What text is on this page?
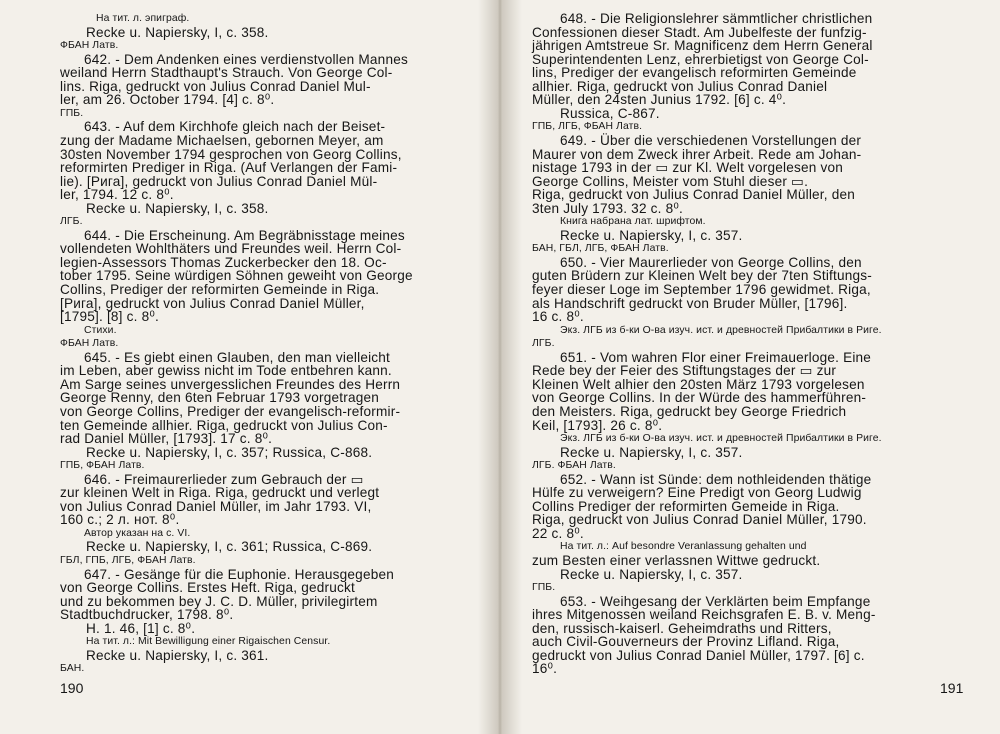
На тит. л. эпиграф.
Recke u. Napiersky, I, c. 358.
ФБАН Латв.
642. - Dem Andenken eines verdienstvollen Mannes
weiland Herrn Stadthaupt's Strauch. Von George Col-
lins. Riga, gedruckt von Julius Conrad Daniel Mul-
ler, am 26. October 1794. [4] c. 8⁰.
ГПБ.
643. - Auf dem Kirchhofe gleich nach der Beiset-
zung der Madame Michaelsen, gebornen Meyer, am
30sten November 1794 gesprochen von Georg Collins,
reformirten Prediger in Riga. (Auf Verlangen der Fami-
lie). [Рига], gedruckt von Julius Conrad Daniel Mül-
ler, 1794. 12 c. 8⁰.
Recke u. Napiersky, I, c. 358.
ЛГБ.
644. - Die Erscheinung. Am Begräbnisstage meines
vollendeten Wohlthäters und Freundes weil. Herrn Col-
legien-Assessors Thomas Zuckerbecker den 18. Oc-
tober 1795. Seine würdigen Söhnen geweiht von George
Collins, Prediger der reformirten Gemeinde in Riga.
[Рига], gedruckt von Julius Conrad Daniel Müller,
[1795]. [8] c. 8⁰.
Стихи.
ФБАН Латв.
645. - Es giebt einen Glauben, den man vielleicht
im Leben, aber gewiss nicht im Tode entbehren kann.
Am Sarge seines unvergesslichen Freundes des Herrn
George Renny, den 6ten Februar 1793 vorgetragen
von George Collins, Prediger der evangelisch-reformir-
ten Gemeinde allhier. Riga, gedruckt von Julius Con-
rad Daniel Müller, [1793]. 17 c. 8⁰.
Recke u. Napiersky, I, c. 357; Russica, C-868.
ГПБ, ФБАН Латв.
646. - Freimaurerlieder zum Gebrauch der ▭
zur kleinen Welt in Riga. Riga, gedruckt und verlegt
von Julius Conrad Daniel Müller, im Jahr 1793. VI,
160 c.; 2 л. нот. 8⁰.
Автор указан на с. VI.
Recke u. Napiersky, I, c. 361; Russica, C-869.
ГБЛ, ГПБ, ЛГБ, ФБАН Латв.
647. - Gesänge für die Euphonie. Herausgegeben
von George Collins. Erstes Heft. Riga, gedruckt
und zu bekommen bey J. C. D. Müller, privilegirtem
Stadtbuchdrucker, 1798. 8⁰.
H. 1. 46, [1] c. 8⁰.
На тит. л.: Mit Bewilligung einer Rigaischen Censur.
Recke u. Napiersky, I, c. 361.
БАН.
190
648. - Die Religionslehrer sämmtlicher christlichen
Confessionen dieser Stadt. Am Jubelfeste der funfzig-
jährigen Amtstreue Sr. Magnificenz dem Herrn General
Superintendenten Lenz, ehrerbietigst von George Col-
lins, Prediger der evangelisch reformirten Gemeinde
allhier. Riga, gedruckt von Julius Conrad Daniel
Müller, den 24sten Junius 1792. [6] c. 4⁰.
Russica, C-867.
ГПБ, ЛГБ, ФБАН Латв.
649. - Über die verschiedenen Vorstellungen der
Maurer von dem Zweck ihrer Arbeit. Rede am Johan-
nistage 1793 in der ▭ zur Kl. Welt vorgelesen von
George Collins, Meister vom Stuhl dieser ▭.
Riga, gedruckt von Julius Conrad Daniel Müller, den
3ten July 1793. 32 c. 8⁰.
Книга набрана лат. шрифтом.
Recke u. Napiersky, I, c. 357.
БАН, ГБЛ, ЛГБ, ФБАН Латв.
650. - Vier Maurerlieder von George Collins, den
guten Brüdern zur Kleinen Welt bey der 7ten Stiftungs-
feyer dieser Loge im September 1796 gewidmet. Riga,
als Handschrift gedruckt von Bruder Müller, [1796].
16 c. 8⁰.
Экз. ЛГБ из б-ки О-ва изуч. ист. и древностей Прибалтики в Риге.
ЛГБ.
651. - Vom wahren Flor einer Freimauerloge. Eine
Rede bey der Feier des Stiftungstages der ▭ zur
Kleinen Welt alhier den 20sten März 1793 vorgelesen
von George Collins. In der Würde des hammerführen-
den Meisters. Riga, gedruckt bey George Friedrich
Keil, [1793]. 26 c. 8⁰.
Экз. ЛГБ из б-ки О-ва изуч. ист. и древностей Прибалтики в Риге.
Recke u. Napiersky, I, c. 357.
ЛГБ. ФБАН Латв.
652. - Wann ist Sünde: dem nothleidenden thätige
Hülfe zu verweigern? Eine Predigt von Georg Ludwig
Collins Prediger der reformirten Gemeide in Riga.
Riga, gedruckt von Julius Conrad Daniel Müller, 1790.
22 c. 8⁰.
На тит. л.: Auf besondre Veranlassung gehalten und
zum Besten einer verlassnen Wittwe gedruckt.
Recke u. Napiersky, I, c. 357.
ГПБ.
653. - Weihgesang der Verklärten beim Empfange
ihres Mitgenossen weiland Reichsgrafen E. B. v. Meng-
den, russisch-kaiserl. Geheimdraths und Ritters,
auch Civil-Gouverneurs der Provinz Lifland. Riga,
gedruckt von Julius Conrad Daniel Müller, 1797. [6] c.
16⁰.
191
